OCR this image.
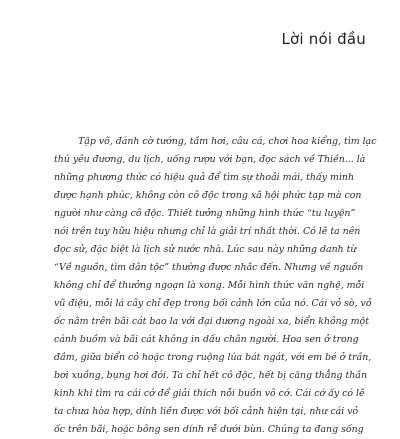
Lời nói đầu
Tập võ, đánh cờ tướng, tầm hơi, câu cá, chơi hoa kiểng, tìm lạc
thú yêu đương, du lịch, uống rượu với bạn, đọc sách về Thiền... là
những phương thức có hiệu quả để tìm sự thoải mái, thấy mình
được hạnh phúc, không còn cô độc trong xã hội phức tạp mà con
người như càng cô độc. Thiết tưởng những hình thức “tu luyện”
nói trên tuy hữu hiệu nhưng chỉ là giải trí nhất thời. Có lẽ ta nên
đọc sử, đặc biệt là lịch sử nước nhà. Lúc sau này những danh từ
“Về nguồn, tìm dân tộc” thường được nhắc đến. Nhưng về nguồn
không chỉ để thưởng ngoạn là xong. Mỗi hình thức văn nghệ, mỗi
vũ điệu, mỗi lá cây chỉ đẹp trong bối cảnh lớn của nó. Cái vỏ sò, vỏ
ốc nằm trên bãi cát bao la với đại dương ngoài xa, biển không một
cánh buồm và bãi cát không in dấu chân người. Hoa sen ở trong
đầm, giữa biển cỏ hoặc trong ruộng lúa bát ngát, với em bé ở trần,
bơi xuồng, bụng hơi đói. Ta chỉ hết cô độc, hết bị căng thẳng thần
kinh khi tìm ra cái cớ để giải thích nỗi buồn vô cớ. Cái cớ ấy có lẽ
ta chưa hòa hợp, dính liền được với bối cảnh hiện tại, như cái vỏ
ốc trên bãi, hoặc bông sen dính rễ dưới bùn. Chúng ta đang sống
